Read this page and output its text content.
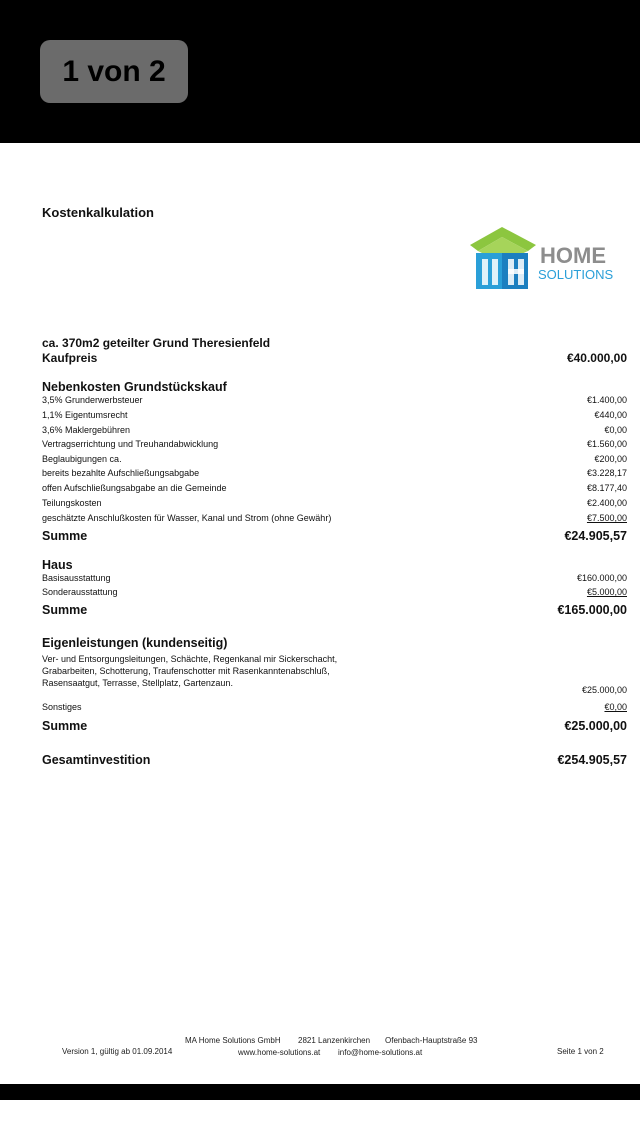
1 von 2
Kostenkalkulation
HOME
SOLUTIONS
ca. 370m2 geteilter Grund Theresienfeld
Kaufpreis	€40.000,00
Nebenkosten Grundstückskauf
3,5% Grunderwerbsteuer	€1.400,00
1,1% Eigentumsrecht	€440,00
3,6% Maklergebühren	€0,00
Vertragserrichtung und Treuhandabwicklung	€1.560,00
Beglaubigungen ca.	€200,00
bereits bezahlte Aufschließungsabgabe	€3.228,17
offen Aufschließungsabgabe an die Gemeinde	€8.177,40
Teilungskosten	€2.400,00
geschätzte Anschlußkosten für Wasser, Kanal und Strom (ohne Gewähr)	€7.500,00
Summe	€24.905,57
Haus
Basisausstattung	€160.000,00
Sonderausstattung	€5.000,00
Summe	€165.000,00
Eigenleistungen (kundenseitig)
Ver- und Entsorgungsleitungen, Schächte, Regenkanal mir Sickerschacht,
Grabarbeiten, Schotterung, Traufenschotter mit Rasenkanntenabschluß,
Rasensaatgut, Terrasse, Stellplatz, Gartenzaun.
€25.000,00
Sonstiges	€0,00
Summe	€25.000,00
Gesamtinvestition	€254.905,57
MA Home Solutions GmbH 2821 Lanzenkirchen Ofenbach-Hauptstraße 93
Version 1, gültig ab 01.09.2014	www.home-solutions.at info@home-solutions.at	Seite 1 von 2
